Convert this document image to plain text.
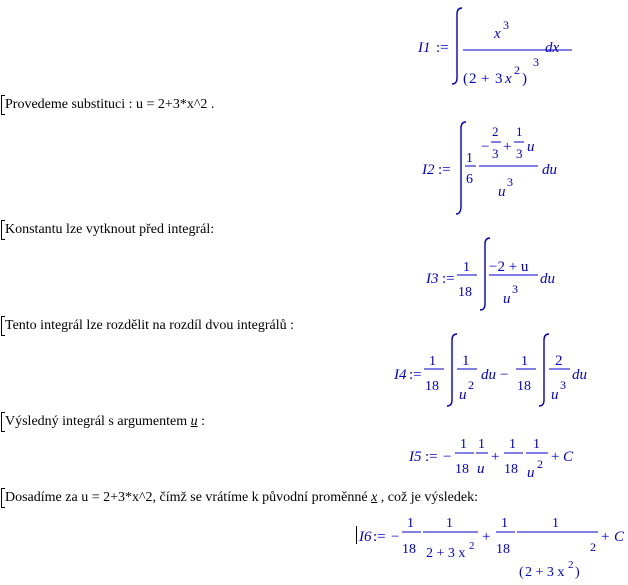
Provedeme substituci : u = 2+3*x^2 .
Konstantu lze vytknout před integrál:
Tento integrál lze rozdělit na rozdíl dvou integrálů :
Výsledný integrál s argumentem u :
Dosadíme za u = 2+3*x^2, čímž se vrátíme k původní proměnné x , což je výsledek:
I1 :=
x
3
( 2 + 3 x
2
)
3
dx
I2 :=
1
6
−
2
3 +
1
3 u
u
3
du
I3 :=
1
18
−2 + u
u
3
du
I4 :=
1
18
1
u
2
du −
1
18
2
u
3
du
I5 := −
1
18
1
u
+
1
18
1
u
2 + C
I6 := −
1
18
1
2 + 3 x 2
+
1
18
1
( 2 + 3 x 2 )
2
+ C
